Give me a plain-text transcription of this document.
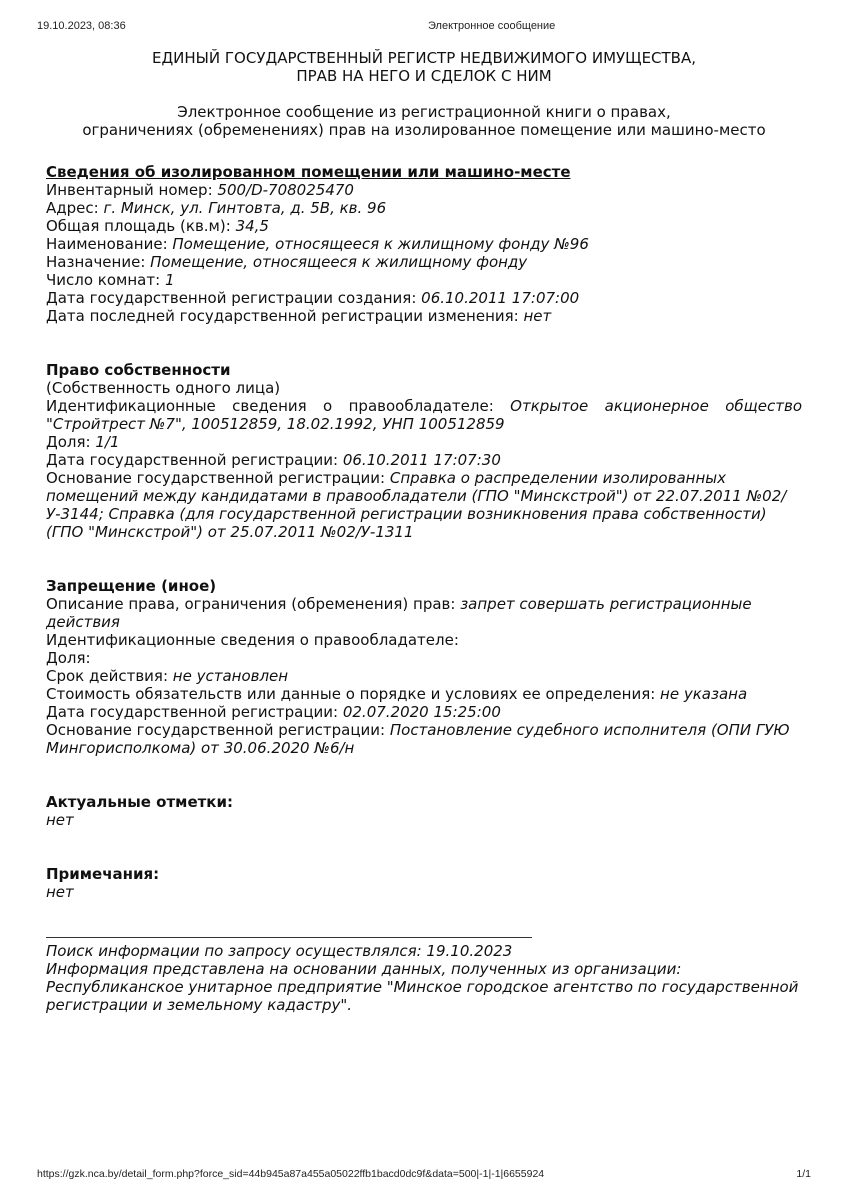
19.10.2023, 08:36	Электронное сообщение
ЕДИНЫЙ ГОСУДАРСТВЕННЫЙ РЕГИСТР НЕДВИЖИМОГО ИМУЩЕСТВА,
ПРАВ НА НЕГО И СДЕЛОК С НИМ
Электронное сообщение из регистрационной книги о правах,
ограничениях (обременениях) прав на изолированное помещение или машино-место
Сведения об изолированном помещении или машино-месте
Инвентарный номер: 500/D-708025470
Адрес: г. Минск, ул. Гинтовта, д. 5В, кв. 96
Общая площадь (кв.м): 34,5
Наименование: Помещение, относящееся к жилищному фонду №96
Назначение: Помещение, относящееся к жилищному фонду
Число комнат: 1
Дата государственной регистрации создания: 06.10.2011 17:07:00
Дата последней государственной регистрации изменения: нет
Право собственности
(Собственность одного лица)
Идентификационные сведения о правообладателе: Открытое акционерное общество "Стройтрест №7", 100512859, 18.02.1992, УНП 100512859
Доля: 1/1
Дата государственной регистрации: 06.10.2011 17:07:30
Основание государственной регистрации: Справка о распределении изолированных помещений между кандидатами в правообладатели (ГПО "Минскстрой") от 22.07.2011 №02/У-3144; Справка (для государственной регистрации возникновения права собственности) (ГПО "Минскстрой") от 25.07.2011 №02/У-1311
Запрещение (иное)
Описание права, ограничения (обременения) прав: запрет совершать регистрационные действия
Идентификационные сведения о правообладателе:
Доля:
Срок действия: не установлен
Стоимость обязательств или данные о порядке и условиях ее определения: не указана
Дата государственной регистрации: 02.07.2020 15:25:00
Основание государственной регистрации: Постановление судебного исполнителя (ОПИ ГУЮ Мингорисполкома) от 30.06.2020 №6/н
Актуальные отметки:
нет
Примечания:
нет
Поиск информации по запросу осуществлялся: 19.10.2023
Информация представлена на основании данных, полученных из организации: Республиканское унитарное предприятие "Минское городское агентство по государственной регистрации и земельному кадастру".
https://gzk.nca.by/detail_form.php?force_sid=44b945a87a455a05022ffb1bacd0dc9f&data=500|-1|-1|6655924	1/1
